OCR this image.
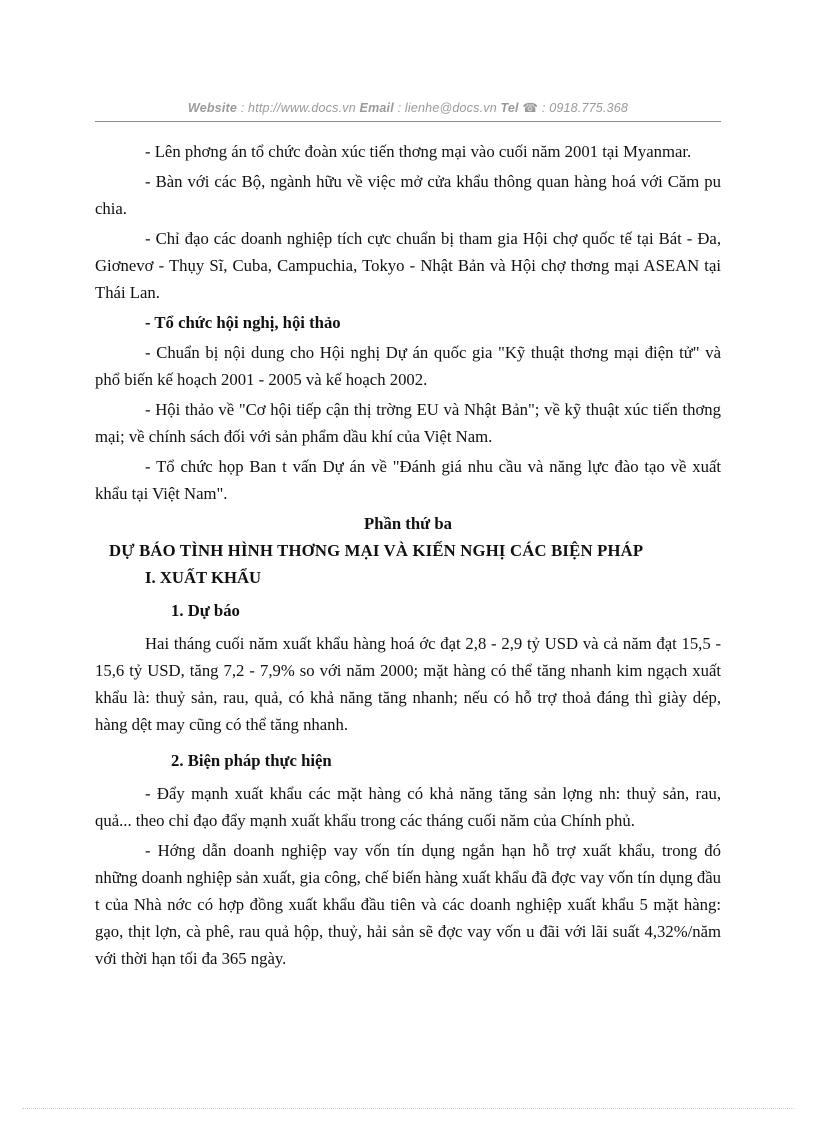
Website : http://www.docs.vn Email : lienhe@docs.vn Tel ☎ : 0918.775.368

- Lên phơng án tổ chức đoàn xúc tiến thơng mại vào cuối năm 2001 tại Myanmar.

- Bàn với các Bộ, ngành hữu về việc mở cửa khẩu thông quan hàng hoá với Căm pu chia.

- Chỉ đạo các doanh nghiệp tích cực chuẩn bị tham gia Hội chợ quốc tế tại Bát - Đa, Giơnevơ - Thụy Sĩ, Cuba, Campuchia, Tokyo - Nhật Bản và Hội chợ thơng mại ASEAN tại Thái Lan.

- Tổ chức hội nghị, hội thảo

- Chuẩn bị nội dung cho Hội nghị Dự án quốc gia "Kỹ thuật thơng mại điện tử" và phổ biến kế hoạch 2001 - 2005 và kế hoạch 2002.

- Hội thảo về "Cơ hội tiếp cận thị trờng EU và Nhật Bản"; về kỹ thuật xúc tiến thơng mại; về chính sách đối với sản phẩm dầu khí của Việt Nam.

- Tổ chức họp Ban t vấn Dự án về "Đánh giá nhu cầu và năng lực đào tạo về xuất khẩu tại Việt Nam".

Phần thứ ba
DỰ BÁO TÌNH HÌNH THƠNG MẠI VÀ KIẾN NGHỊ CÁC BIỆN PHÁP
I. XUẤT KHẨU
1. Dự báo

Hai tháng cuối năm xuất khẩu hàng hoá ớc đạt 2,8 - 2,9 tỷ USD và cả năm đạt 15,5 - 15,6 tỷ USD, tăng 7,2 - 7,9% so với năm 2000; mặt hàng có thể tăng nhanh kim ngạch xuất khẩu là: thuỷ sản, rau, quả, có khả năng tăng nhanh; nếu có hỗ trợ thoả đáng thì giày dép, hàng dệt may cũng có thể tăng nhanh.

2. Biện pháp thực hiện

- Đẩy mạnh xuất khẩu các mặt hàng có khả năng tăng sản lợng nh: thuỷ sản, rau, quả... theo chỉ đạo đẩy mạnh xuất khẩu trong các tháng cuối năm của Chính phủ.

- Hớng dẫn doanh nghiệp vay vốn tín dụng ngắn hạn hỗ trợ xuất khẩu, trong đó những doanh nghiệp sản xuất, gia công, chế biến hàng xuất khẩu đã đợc vay vốn tín dụng đầu t của Nhà nớc có hợp đồng xuất khẩu đầu tiên và các doanh nghiệp xuất khẩu 5 mặt hàng: gạo, thịt lợn, cà phê, rau quả hộp, thuỷ, hải sản sẽ đợc vay vốn u đãi với lãi suất 4,32%/năm với thời hạn tối đa 365 ngày.
